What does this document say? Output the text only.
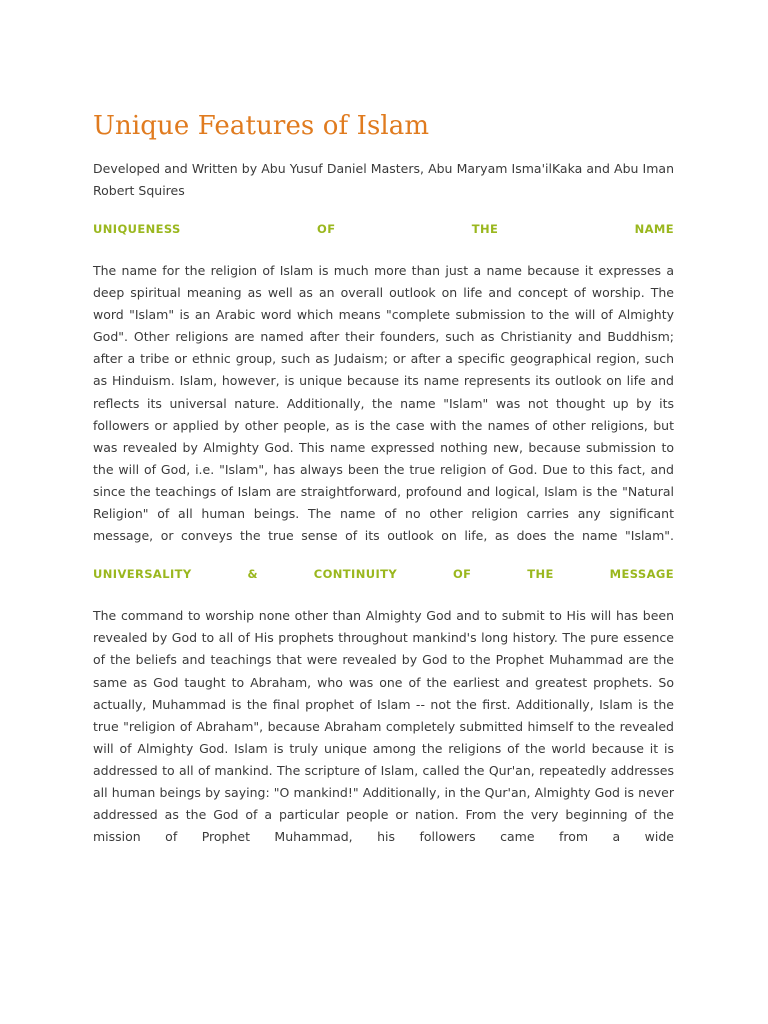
Unique Features of Islam

Developed and Written by Abu Yusuf Daniel Masters, Abu Maryam Isma'ilKaka and Abu Iman Robert Squires

UNIQUENESS	OF	THE	NAME

The name for the religion of Islam is much more than just a name because it expresses a deep spiritual meaning as well as an overall outlook on life and concept of worship. The word "Islam" is an Arabic word which means "complete submission to the will of Almighty God". Other religions are named after their founders, such as Christianity and Buddhism; after a tribe or ethnic group, such as Judaism; or after a specific geographical region, such as Hinduism. Islam, however, is unique because its name represents its outlook on life and reflects its universal nature. Additionally, the name "Islam" was not thought up by its followers or applied by other people, as is the case with the names of other religions, but was revealed by Almighty God. This name expressed nothing new, because submission to the will of God, i.e. "Islam", has always been the true religion of God. Due to this fact, and since the teachings of Islam are straightforward, profound and logical, Islam is the "Natural Religion" of all human beings. The name of no other religion carries any significant message, or conveys the true sense of its outlook on life, as does the name "Islam".

UNIVERSALITY	&	CONTINUITY	OF	THE	MESSAGE

The command to worship none other than Almighty God and to submit to His will has been revealed by God to all of His prophets throughout mankind's long history. The pure essence of the beliefs and teachings that were revealed by God to the Prophet Muhammad are the same as God taught to Abraham, who was one of the earliest and greatest prophets. So actually, Muhammad is the final prophet of Islam -- not the first. Additionally, Islam is the true "religion of Abraham", because Abraham completely submitted himself to the revealed will of Almighty God. Islam is truly unique among the religions of the world because it is addressed to all of mankind. The scripture of Islam, called the Qur'an, repeatedly addresses all human beings by saying: "O mankind!" Additionally, in the Qur'an, Almighty God is never addressed as the God of a particular people or nation. From the very beginning of the mission of Prophet Muhammad, his followers came from a wide
